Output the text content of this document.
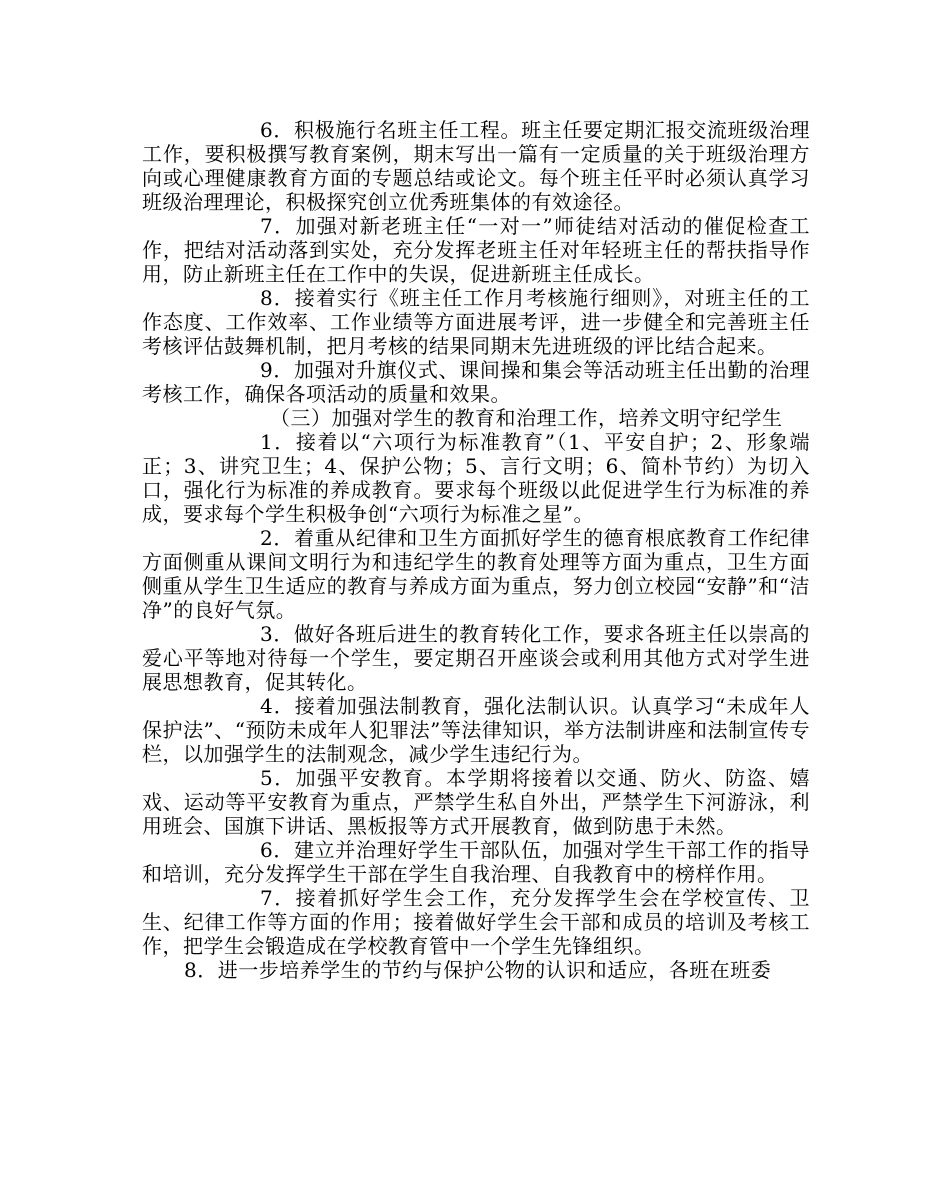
6．积极施行名班主任工程。班主任要定期汇报交流班级治理工作，要积极撰写教育案例，期末写出一篇有一定质量的关于班级治理方向或心理健康教育方面的专题总结或论文。每个班主任平时必须认真学习班级治理理论，积极探究创立优秀班集体的有效途径。

7．加强对新老班主任“一对一”师徒结对活动的催促检查工作，把结对活动落到实处，充分发挥老班主任对年轻班主任的帮扶指导作用，防止新班主任在工作中的失误，促进新班主任成长。

8．接着实行《班主任工作月考核施行细则》，对班主任的工作态度、工作效率、工作业绩等方面进展考评，进一步健全和完善班主任考核评估鼓舞机制，把月考核的结果同期末先进班级的评比结合起来。

9．加强对升旗仪式、课间操和集会等活动班主任出勤的治理考核工作，确保各项活动的质量和效果。

（三）加强对学生的教育和治理工作，培养文明守纪学生

1．接着以“六项行为标准教育”（1、平安自护；2、形象端正；3、讲究卫生；4、保护公物；5、言行文明；6、简朴节约）为切入口，强化行为标准的养成教育。要求每个班级以此促进学生行为标准的养成，要求每个学生积极争创“六项行为标准之星”。

2．着重从纪律和卫生方面抓好学生的德育根底教育工作纪律方面侧重从课间文明行为和违纪学生的教育处理等方面为重点，卫生方面侧重从学生卫生适应的教育与养成方面为重点，努力创立校园“安静”和“洁净”的良好气氛。

3．做好各班后进生的教育转化工作，要求各班主任以崇高的爱心平等地对待每一个学生，要定期召开座谈会或利用其他方式对学生进展思想教育，促其转化。

4．接着加强法制教育，强化法制认识。认真学习“未成年人保护法”、“预防未成年人犯罪法”等法律知识，举方法制讲座和法制宣传专栏，以加强学生的法制观念，减少学生违纪行为。

5．加强平安教育。本学期将接着以交通、防火、防盗、嬉戏、运动等平安教育为重点，严禁学生私自外出，严禁学生下河游泳，利用班会、国旗下讲话、黑板报等方式开展教育，做到防患于未然。

6．建立并治理好学生干部队伍，加强对学生干部工作的指导和培训，充分发挥学生干部在学生自我治理、自我教育中的榜样作用。

7．接着抓好学生会工作，充分发挥学生会在学校宣传、卫生、纪律工作等方面的作用；接着做好学生会干部和成员的培训及考核工作，把学生会锻造成在学校教育管中一个学生先锋组织。

8．进一步培养学生的节约与保护公物的认识和适应，各班在班委
